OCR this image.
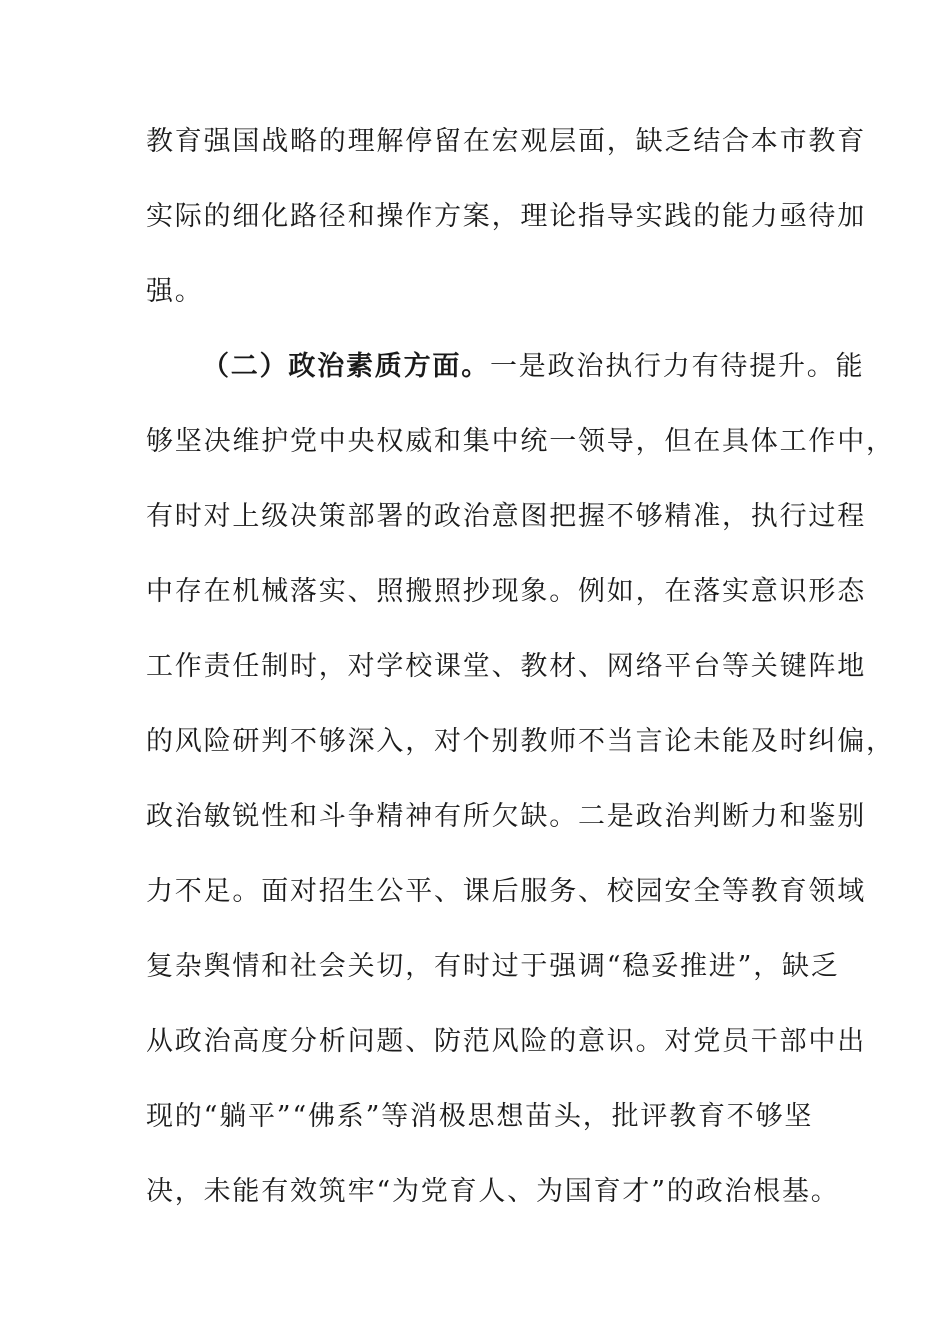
教育强国战略的理解停留在宏观层面，缺乏结合本市教育
实际的细化路径和操作方案，理论指导实践的能力亟待加
强。
（二）政治素质方面。一是政治执行力有待提升。能
够坚决维护党中央权威和集中统一领导，但在具体工作中，
有时对上级决策部署的政治意图把握不够精准，执行过程
中存在机械落实、照搬照抄现象。例如，在落实意识形态
工作责任制时，对学校课堂、教材、网络平台等关键阵地
的风险研判不够深入，对个别教师不当言论未能及时纠偏，
政治敏锐性和斗争精神有所欠缺。二是政治判断力和鉴别
力不足。面对招生公平、课后服务、校园安全等教育领域
复杂舆情和社会关切，有时过于强调“稳妥推进”，缺乏
从政治高度分析问题、防范风险的意识。对党员干部中出
现的“躺平”“佛系”等消极思想苗头，批评教育不够坚
决，未能有效筑牢“为党育人、为国育才”的政治根基。
